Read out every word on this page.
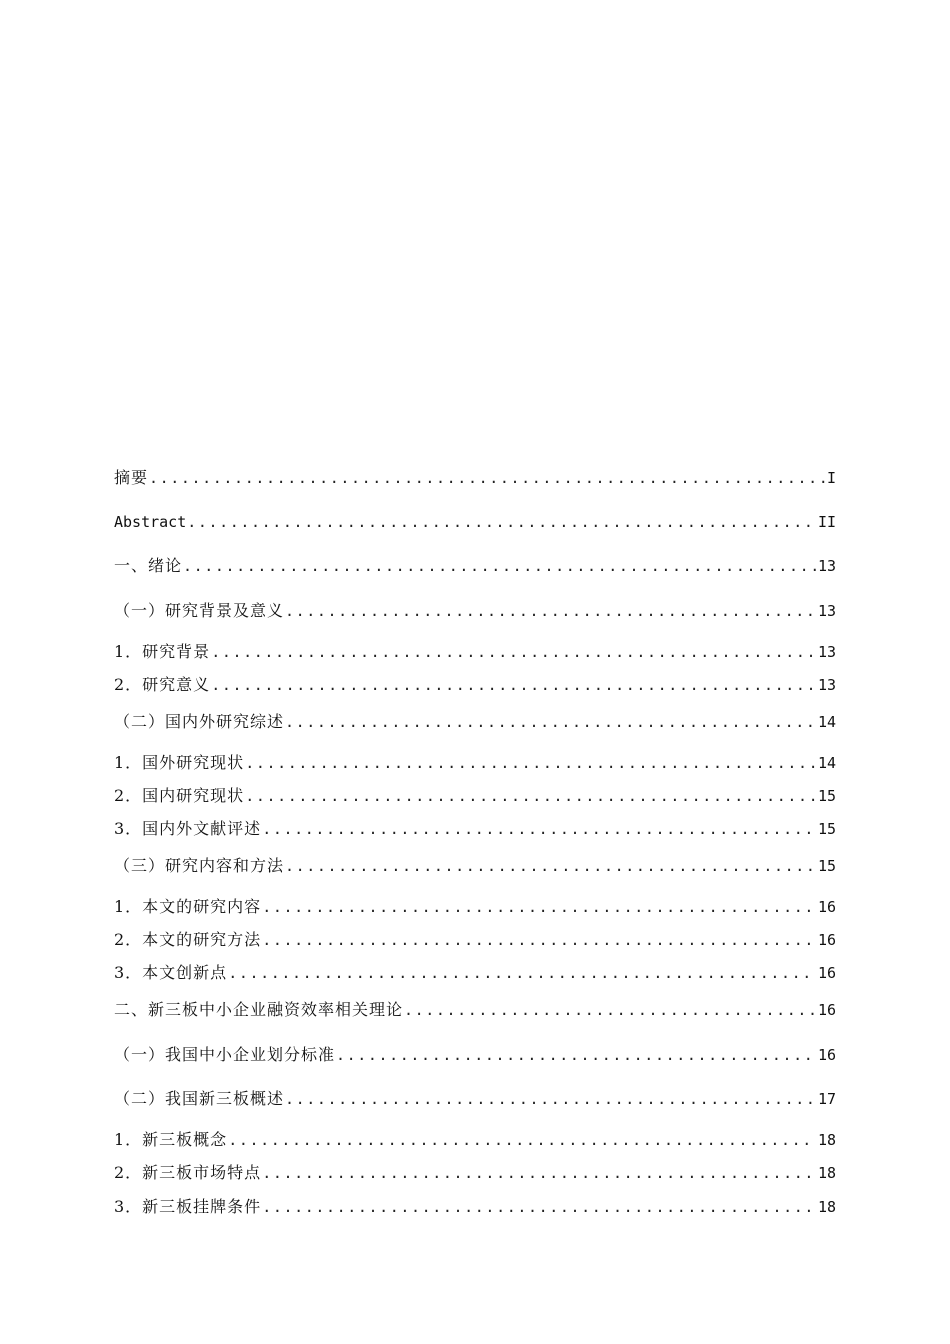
摘要 .....	I
Abstract .....	II
一、绪论 .....	13
（一）研究背景及意义 .....	13
1．研究背景 .....	13
2．研究意义 .....	13
（二）国内外研究综述 .....	14
1．国外研究现状 .....	14
2．国内研究现状 .....	15
3．国内外文献评述 .....	15
（三）研究内容和方法 .....	15
1．本文的研究内容 .....	16
2．本文的研究方法 .....	16
3．本文创新点 .....	16
二、新三板中小企业融资效率相关理论 .....	16
（一）我国中小企业划分标准 .....	16
（二）我国新三板概述 .....	17
1．新三板概念 .....	18
2．新三板市场特点 .....	18
3．新三板挂牌条件 .....	18
